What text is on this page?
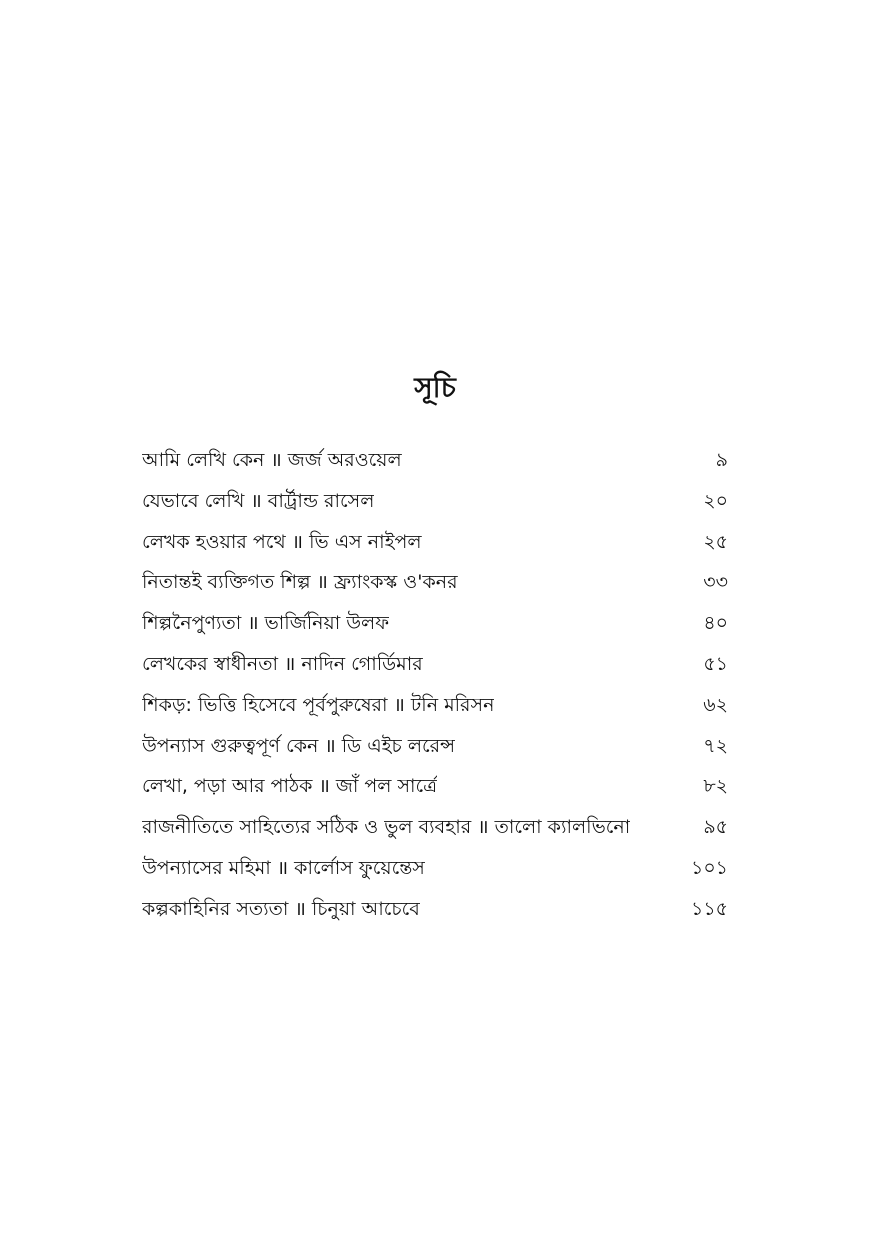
সূচি
আমি লেখি কেন ॥ জর্জ অরওয়েল	৯
যেভাবে লেখি ॥ বার্ট্রান্ড রাসেল	২০
লেখক হওয়ার পথে ॥ ভি এস নাইপল	২৫
নিতান্তই ব্যক্তিগত শিল্প ॥ ফ্র্যাংকস্ক ও'কনর	৩৩
শিল্পনৈপুণ্যতা ॥ ভার্জিনিয়া উলফ	৪০
লেখকের স্বাধীনতা ॥ নাদিন গোর্ডিমার	৫১
শিকড়: ভিত্তি হিসেবে পূর্বপুরুষেরা ॥ টনি মরিসন	৬২
উপন্যাস গুরুত্বপূর্ণ কেন ॥ ডি এইচ লরেন্স	৭২
লেখা, পড়া আর পাঠক ॥ জাঁ পল সার্ত্রে	৮২
রাজনীতিতে সাহিত্যের সঠিক ও ভুল ব্যবহার ॥ তালো ক্যালভিনো	৯৫
উপন্যাসের মহিমা ॥ কার্লোস ফুয়েন্তেস	১০১
কল্পকাহিনির সত্যতা ॥ চিনুয়া আচেবে	১১৫
